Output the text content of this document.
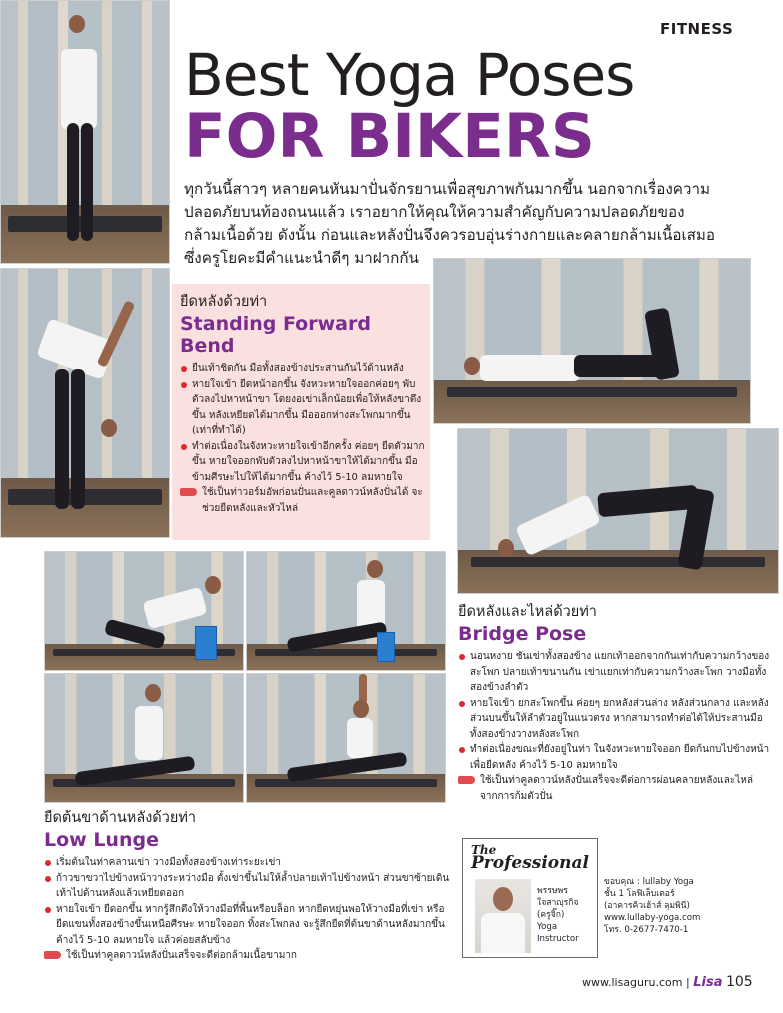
FITNESS
Best Yoga Poses
FOR BIKERS

ทุกวันนี้สาวๆ หลายคนหันมาปั่นจักรยานเพื่อสุขภาพกันมากขึ้น นอกจากเรื่องความ

ปลอดภัยบนท้องถนนแล้ว เราอยากให้คุณให้ความสำคัญกับความปลอดภัยของ

กล้ามเนื้อด้วย ดังนั้น ก่อนและหลังปั่นจึงควรอบอุ่นร่างกายและคลายกล้ามเนื้อเสมอ

ซึ่งครูโยคะมีคำแนะนำดีๆ มาฝากกัน

ยืดหลังด้วยท่า
Standing Forward
Bend
ยืนเท้าชิดกัน มือทั้งสองข้างประสานกันไว้ด้านหลัง
หายใจเข้า ยืดหน้าอกขึ้น จังหวะหายใจออกค่อยๆ พับตัวลงไปหาหน้าขา โดยงอเข่าเล็กน้อยเพื่อให้หลังขาตึงขึ้น หลังเหยียดได้มากขึ้น มือออกห่างสะโพกมากขึ้น (เท่าที่ทำได้)
ทำต่อเนื่องในจังหวะหายใจเข้าอีกครั้ง ค่อยๆ ยืดตัวมากขึ้น หายใจออกพับตัวลงไปหาหน้าขาให้ได้มากขึ้น มือข้ามศีรษะไปให้ได้มากขึ้น ค้างไว้ 5-10 ลมหายใจ
ใช้เป็นท่าวอร์มอัพก่อนปั่นและคูลดาวน์หลังปั่นได้ จะช่วยยืดหลังและหัวไหล่
ยืดหลังและไหล่ด้วยท่า
Bridge Pose
นอนหงาย ชันเข่าทั้งสองข้าง แยกเท้าออกจากกันเท่ากับความกว้างของสะโพก ปลายเท้าขนานกัน เข่าแยกเท่ากับความกว้างสะโพก วางมือทั้งสองข้างลำตัว
หายใจเข้า ยกสะโพกขึ้น ค่อยๆ ยกหลังส่วนล่าง หลังส่วนกลาง และหลังส่วนบนขึ้นให้ลำตัวอยู่ในแนวตรง หากสามารถทำต่อได้ให้ประสานมือทั้งสองข้างวางหลังสะโพก
ทำต่อเนื่องขณะที่ยังอยู่ในท่า ในจังหวะหายใจออก ยืดก้นกบไปข้างหน้าเพื่อยืดหลัง ค้างไว้ 5-10 ลมหายใจ
ใช้เป็นท่าคูลดาวน์หลังปั่นเสร็จจะดีต่อการผ่อนคลายหลังและไหล่จากการก้มตัวปั่น
ยืดต้นขาด้านหลังด้วยท่า
Low Lunge
เริ่มต้นในท่าคลานเข่า วางมือทั้งสองข้างเท่าระยะเข่า
ก้าวขาขวาไปข้างหน้าวางระหว่างมือ ตั้งเข่าขึ้นไม่ให้ล้ำปลายเท้าไปข้างหน้า ส่วนขาซ้ายเดินเท้าไปด้านหลังแล้วเหยียดออก
หายใจเข้า ยืดอกขึ้น หากรู้สึกตึงให้วางมือที่พื้นหรือบล็อก หากยืดหยุ่นพอให้วางมือที่เข่า หรือยืดแขนทั้งสองข้างขึ้นเหนือศีรษะ หายใจออก ทิ้งสะโพกลง จะรู้สึกยืดที่ต้นขาด้านหลังมากขึ้น ค้างไว้ 5-10 ลมหายใจ แล้วค่อยสลับข้าง
ใช้เป็นท่าคูลดาวน์หลังปั่นเสร็จจะดีต่อกล้ามเนื้อขามาก
The
Professional
พรรษพร
ใจสาญุรกิจ
(ครูจิ๊ก)
Yoga Instructor
ขอบคุณ : lullaby Yoga
ชั้น 1 โลฟิเล็บเตอร์
(อาคารคิวเฮ้าส์ ลุมพินี)
www.lullaby-yoga.com
โทร. 0-2677-7470-1
www.lisaguru.com | Lisa 105
